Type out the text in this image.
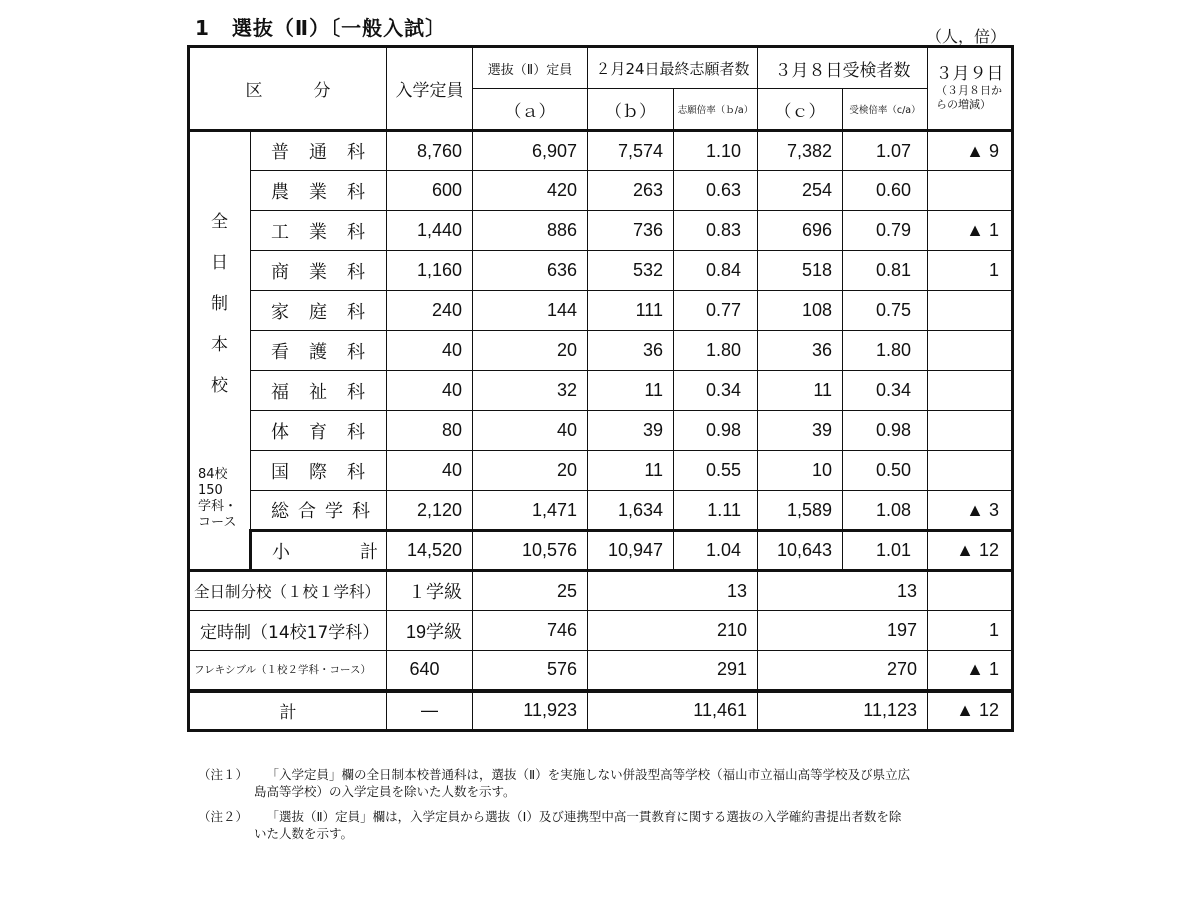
1 選抜（Ⅱ）〔一般入試〕	（人，倍）
区　　　分		入学定員	選抜（Ⅱ）定員	２月24日最終志願者数		３月８日受検者数		３月９日
（３月８日からの増減）

			（ａ）	（ｂ）	志願倍率（ｂ/a）	（ｃ）	受検倍率（c/a）	

全
日
制
本
校
84校
150
学科・
コース
	普通科	8,760	6,907	7,574	1.10	7,382	1.07	▲ 9
	農業科	600	420	263	0.63	254	0.60	
	工業科	1,440	886	736	0.83	696	0.79	▲ 1
	商業科	1,160	636	532	0.84	518	0.81	1
	家庭科	240	144	111	0.77	108	0.75	
	看護科	40	20	36	1.80	36	1.80	
	福祉科	40	32	11	0.34	11	0.34	
	体育科	80	40	39	0.98	39	0.98	
	国際科	40	20	11	0.55	10	0.50	
	総合学科	2,120	1,471	1,634	1.11	1,589	1.08	▲ 3
	小 計	14,520	10,576	10,947	1.04	10,643	1.01	▲ 12
全日制分校（１校１学科）		１学級	25	13		13		
定時制（14校17学科）		19学級	746	210		197		1
フレキシブル（１校２学科・コース）		640	576	291		270		▲ 1
計		―	11,923	11,461		11,123		▲ 12
（注１）	「入学定員」欄の全日制本校普通科は，選抜（Ⅱ）を実施しない併設型高等学校（福山市立福山高等学校及び県立広
島高等学校）の入学定員を除いた人数を示す。
（注２）	「選抜（Ⅱ）定員」欄は，入学定員から選抜（Ⅰ）及び連携型中高一貫教育に関する選抜の入学確約書提出者数を除
いた人数を示す。
